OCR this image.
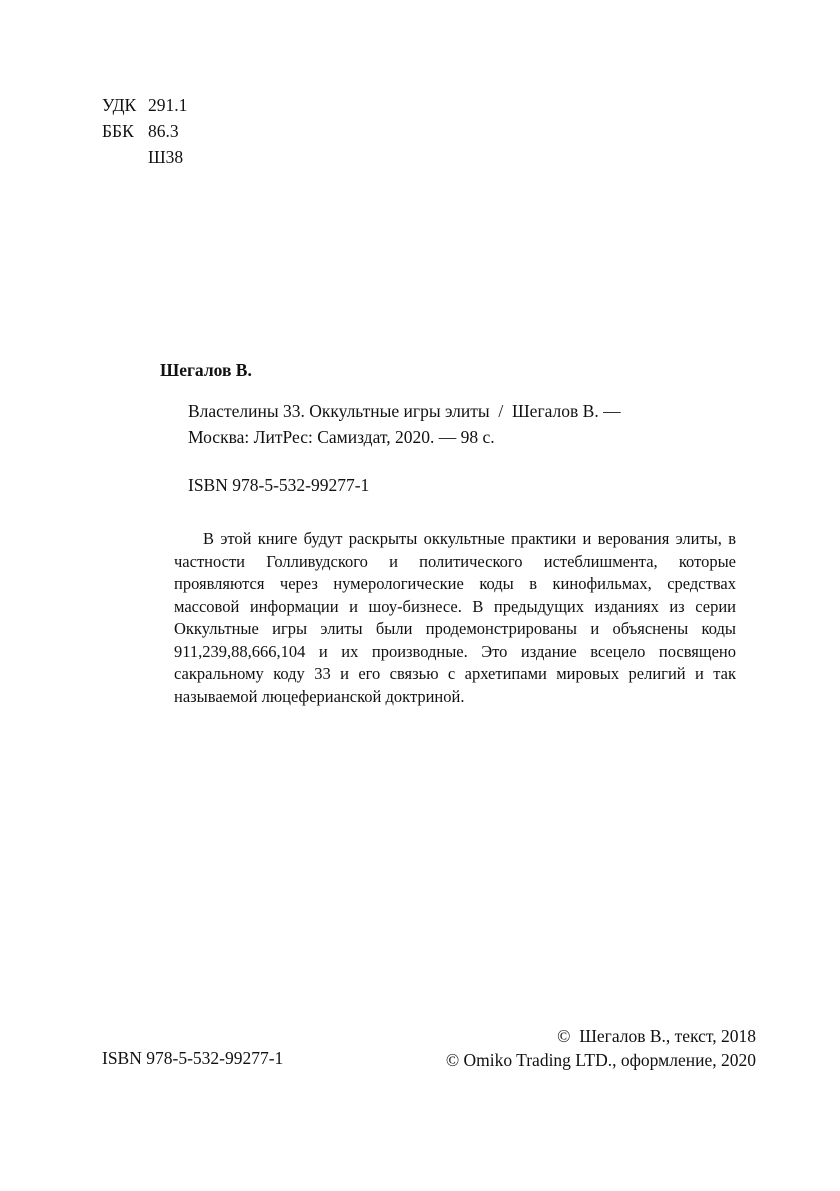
УДК 291.1
ББК 86.3
Ш38
Шегалов В.
Властелины 33. Оккультные игры элиты  /  Шегалов В. —
Москва: ЛитРес: Самиздат, 2020. — 98 с.
ISBN 978-5-532-99277-1

В этой книге будут раскрыты оккультные практики и верования элиты, в частности Голливудского и политического истеблишмента, которые проявляются через нумерологические коды в кинофильмах, средствах массовой информации и шоу-бизнесе. В предыдущих изданиях из серии Оккультные игры элиты были продемонстрированы и объяснены коды 911,239,88,666,104 и их производные. Это издание всецело посвящено сакральному коду 33 и его связью с архетипами мировых религий и так называемой люцеферианской доктриной.

ISBN 978-5-532-99277-1
©  Шегалов В., текст, 2018
© Omiko Trading LTD., оформление, 2020
